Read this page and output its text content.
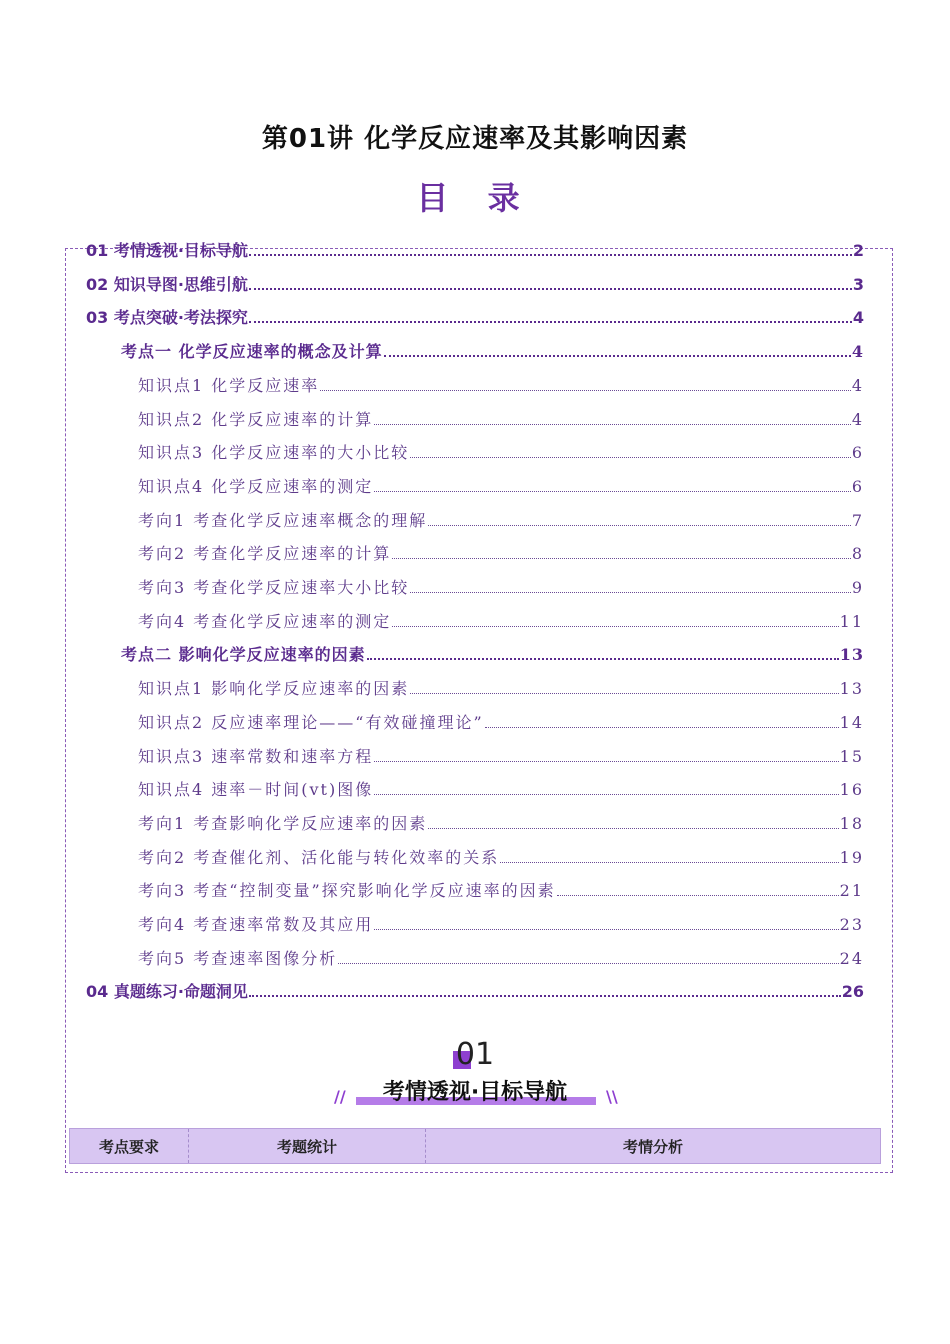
第01讲 化学反应速率及其影响因素
目 录
01 考情透视·目标导航	2
02 知识导图·思维引航	3
03 考点突破·考法探究	4
考点一 化学反应速率的概念及计算	4
知识点1 化学反应速率	4
知识点2 化学反应速率的计算	4
知识点3 化学反应速率的大小比较	6
知识点4 化学反应速率的测定	6
考向1 考查化学反应速率概念的理解	7
考向2 考查化学反应速率的计算	8
考向3 考查化学反应速率大小比较	9
考向4 考查化学反应速率的测定	11
考点二 影响化学反应速率的因素	13
知识点1 影响化学反应速率的因素	13
知识点2 反应速率理论——“有效碰撞理论”	14
知识点3 速率常数和速率方程	15
知识点4 速率－时间(vt)图像	16
考向1 考查影响化学反应速率的因素	18
考向2 考查催化剂、活化能与转化效率的关系	19
考向3 考查“控制变量”探究影响化学反应速率的因素	21
考向4 考查速率常数及其应用	23
考向5 考查速率图像分析	24
04 真题练习·命题洞见	26
01
考情透视·目标导航
//	\\
考点要求	考题统计	考情分析
